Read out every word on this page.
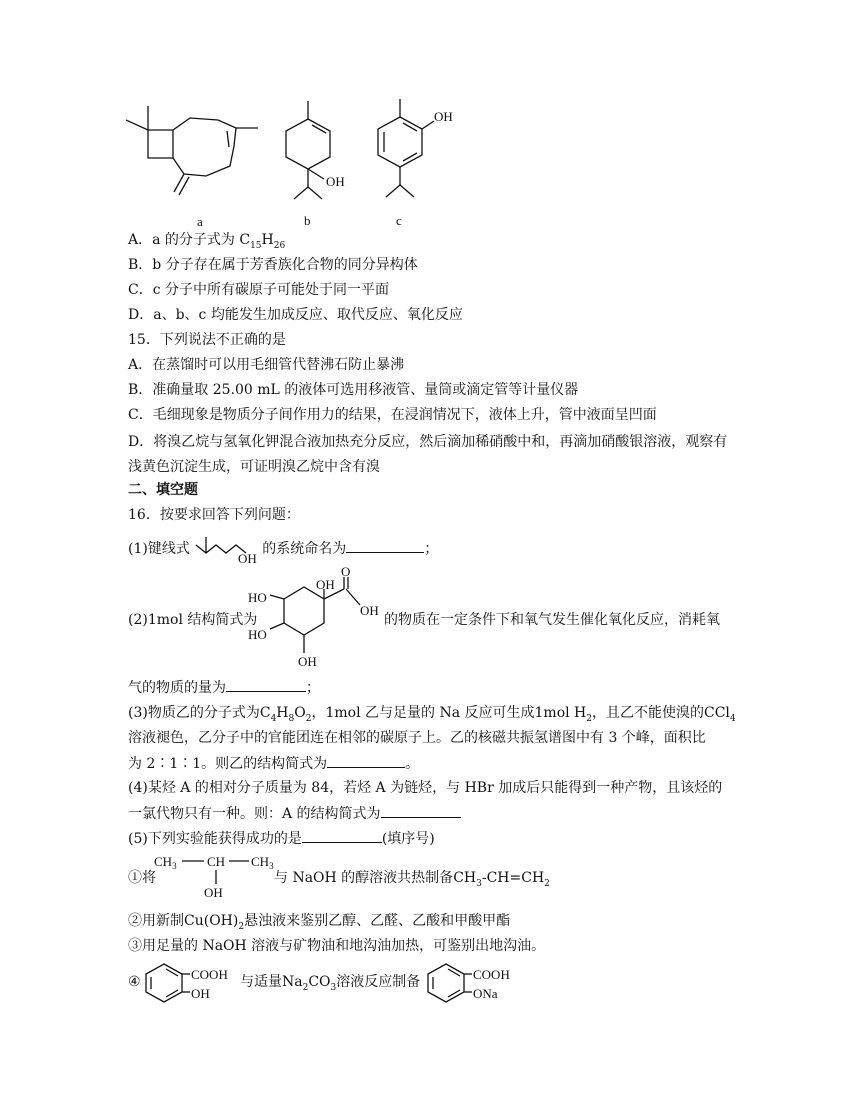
a
OH
b
OH
c
A．a 的分子式为 $C_{15}H_{26}$
B．b 分子存在属于芳香族化合物的同分异构体
C．c 分子中所有碳原子可能处于同一平面
D．a、b、c 均能发生加成反应、取代反应、氧化反应
15．下列说法不正确的是
A．在蒸馏时可以用毛细管代替沸石防止暴沸
B．准确量取 25.00 mL 的液体可选用移液管、量筒或滴定管等计量仪器
C．毛细现象是物质分子间作用力的结果，在浸润情况下，液体上升，管中液面呈凹面
D．将溴乙烷与氢氧化钾混合液加热充分反应，然后滴加稀硝酸中和，再滴加硝酸银溶液，观察有浅黄色沉淀生成，可证明溴乙烷中含有溴
二、填空题
16．按要求回答下列问题：
(1)键线式
OH
的系统命名为	；
O
OH
OH
HO
HO
OH
(2)1mol 结构简式为	的物质在一定条件下和氧气发生催化氧化反应，消耗氧
气的物质的量为	；
(3)物质乙的分子式为$C_4H_8O_2$，1mol 乙与足量的 Na 反应可生成1mol $H_2$，且乙不能使溴的CCl$_4$
溶液褪色，乙分子中的官能团连在相邻的碳原子上。乙的核磁共振氢谱图中有 3 个峰，面积比
为 2∶1∶1。则乙的结构简式为	。
(4)某烃 A 的相对分子质量为 84，若烃 A 为链烃，与 HBr 加成后只能得到一种产物，且该烃的
一氯代物只有一种。则：A 的结构简式为
(5)下列实验能获得成功的是	(填序号)
①将
$CH_3$ CH $CH_3$
OH
与 NaOH 的醇溶液共热制备$CH_3-CH=CH_2$
②用新制$Cu(OH)_2$悬浊液来鉴别乙醇、乙醛、乙酸和甲酸甲酯
③用足量的 NaOH 溶液与矿物油和地沟油加热，可鉴别出地沟油。
④	COOH
OH
与适量$Na_2CO_3$溶液反应制备	COOH
ONa
